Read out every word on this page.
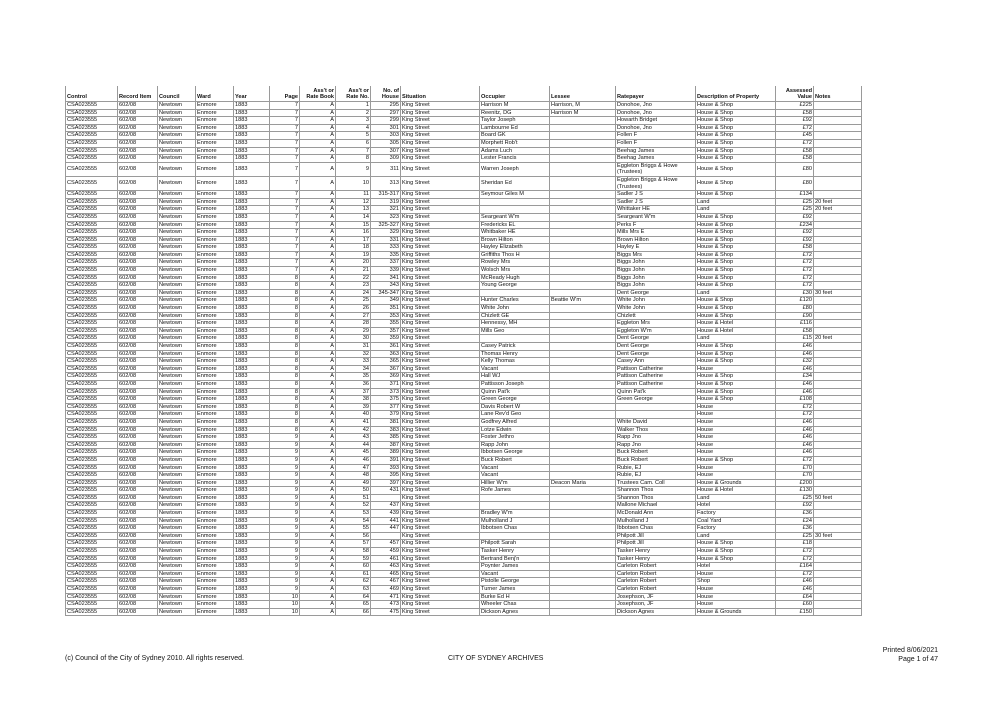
Control	Record Item	Council	Ward	Year	Page	Ass't or Rate Book	Ass't or Rate No.	No. of House	Situation	Occupier	Lessee	Ratepayer	Description of Property	Assessed Value	Notes
CSA023555	602/08	Newtown	Enmore	1883	7	A	1	295	King Street	Harrison M	Harrison, M	Donohoe, Jno	House & Shop	£225	
CSA023555	602/08	Newtown	Enmore	1883	7	A	2	297	King Street	Reenitz, DG	Harrison M	Donohoe, Jno	House & Shop	£58	
CSA023555	602/08	Newtown	Enmore	1883	7	A	3	299	King Street	Taylor Joseph		Howarth Bridget	House & Shop	£92	
CSA023555	602/08	Newtown	Enmore	1883	7	A	4	301	King Street	Lambourne Ed		Donohoe, Jno	House & Shop	£72	
CSA023555	602/08	Newtown	Enmore	1883	7	A	5	303	King Street	Board GK		Follen F	House & Shop	£45	
CSA023555	602/08	Newtown	Enmore	1883	7	A	6	305	King Street	Morphett Rob't		Follen F	House & Shop	£72	
CSA023555	602/08	Newtown	Enmore	1883	7	A	7	307	King Street	Adams Luch		Beehag James	House & Shop	£58	
CSA023555	602/08	Newtown	Enmore	1883	7	A	8	309	King Street	Lester Francis		Beehag James	House & Shop	£58	
CSA023555	602/08	Newtown	Enmore	1883	7	A	9	311	King Street	Warren Joseph		Eggleton Briggs & Howe (Trustees)	House & Shop	£80	
CSA023555	602/08	Newtown	Enmore	1883	7	A	10	313	King Street	Sheridan Ed		Eggleton Briggs & Howe (Trustees)	House & Shop	£80	
CSA023555	602/08	Newtown	Enmore	1883	7	A	11	315-317	King Street	Seymour Giles M		Sadler J S	House & Shop	£134	
CSA023555	602/08	Newtown	Enmore	1883	7	A	12	319	King Street			Sadler J S	Land	£25	20 feet
CSA023555	602/08	Newtown	Enmore	1883	7	A	13	321	King Street			Whittaker HE	Land	£25	20 feet
CSA023555	602/08	Newtown	Enmore	1883	7	A	14	323	King Street	Seargeant W'm		Seargeant W'm	House & Shop	£92	
CSA023555	602/08	Newtown	Enmore	1883	7	A	15	325-327	King Street	Fredericks EL		Perks F	House & Shop	£234	
CSA023555	602/08	Newtown	Enmore	1883	7	A	16	329	King Street	Whitbaker HE		Mills Mrs E	House & Shop	£92	
CSA023555	602/08	Newtown	Enmore	1883	7	A	17	331	King Street	Brown Hilton		Brown Hilton	House & Shop	£92	
CSA023555	602/08	Newtown	Enmore	1883	7	A	18	333	King Street	Hayley Elizabeth		Hayley E	House & Shop	£58	
CSA023555	602/08	Newtown	Enmore	1883	7	A	19	335	King Street	Griffiths Thos H		Biggs Mrs	House & Shop	£72	
CSA023555	602/08	Newtown	Enmore	1883	7	A	20	337	King Street	Rowley Mrs		Biggs John	House & Shop	£72	
CSA023555	602/08	Newtown	Enmore	1883	7	A	21	339	King Street	Wolsch Mrs		Biggs John	House & Shop	£72	
CSA023555	602/08	Newtown	Enmore	1883	8	A	22	341	King Street	McReady Hugh		Biggs John	House & Shop	£72	
CSA023555	602/08	Newtown	Enmore	1883	8	A	23	343	King Street	Young George		Biggs John	House & Shop	£72	
CSA023555	602/08	Newtown	Enmore	1883	8	A	24	345-347	King Street			Dent George	Land	£30	30 feet
CSA023555	602/08	Newtown	Enmore	1883	8	A	25	349	King Street	Hunter Charles	Beattie W'm	White John	House & Shop	£120	
CSA023555	602/08	Newtown	Enmore	1883	8	A	26	351	King Street	White John		White John	House & Shop	£80	
CSA023555	602/08	Newtown	Enmore	1883	8	A	27	353	King Street	Chizlett GE		Chizlett	House & Shop	£90	
CSA023555	602/08	Newtown	Enmore	1883	8	A	28	355	King Street	Hennessy, MH		Eggleton Mrs	House & Hotel	£116	
CSA023555	602/08	Newtown	Enmore	1883	8	A	29	357	King Street	Mills Geo		Eggleton W'm	House & Hotel	£58	
CSA023555	602/08	Newtown	Enmore	1883	8	A	30	359	King Street			Dent George	Land	£15	20 feet
CSA023555	602/08	Newtown	Enmore	1883	8	A	31	361	King Street	Casey Patrick		Dent George	House & Shop	£46	
CSA023555	602/08	Newtown	Enmore	1883	8	A	32	363	King Street	Thomas Henry		Dent George	House & Shop	£46	
CSA023555	602/08	Newtown	Enmore	1883	8	A	33	365	King Street	Kelly Thomas		Casey Ann	House & Shop	£32	
CSA023555	602/08	Newtown	Enmore	1883	8	A	34	367	King Street	Vacant		Pattison Catherine	House	£46	
CSA023555	602/08	Newtown	Enmore	1883	8	A	35	369	King Street	Hall WJ		Pattison Catherine	House & Shop	£34	
CSA023555	602/08	Newtown	Enmore	1883	8	A	36	371	King Street	Pattisson Joseph		Pattison Catherine	House & Shop	£46	
CSA023555	602/08	Newtown	Enmore	1883	8	A	37	373	King Street	Quinn Pat'k		Quinn Pat'k	House & Shop	£46	
CSA023555	602/08	Newtown	Enmore	1883	8	A	38	375	King Street	Green George		Green George	House & Shop	£108	
CSA023555	602/08	Newtown	Enmore	1883	8	A	39	377	King Street	Davis Robert W			House	£72	
CSA023555	602/08	Newtown	Enmore	1883	8	A	40	379	King Street	Lane Rev'd Geo			House	£72	
CSA023555	602/08	Newtown	Enmore	1883	8	A	41	381	King Street	Godfrey Alfred		White David	House	£46	
CSA023555	602/08	Newtown	Enmore	1883	8	A	42	383	King Street	Lotze Edwin		Walker Thos	House	£46	
CSA023555	602/08	Newtown	Enmore	1883	9	A	43	385	King Street	Foster Jethro		Rapp Jno	House	£46	
CSA023555	602/08	Newtown	Enmore	1883	9	A	44	387	King Street	Rapp John		Rapp Jno	House	£46	
CSA023555	602/08	Newtown	Enmore	1883	9	A	45	389	King Street	Ibbotsen George		Buck Robert	House	£46	
CSA023555	602/08	Newtown	Enmore	1883	9	A	46	391	King Street	Buck Robert		Buck Robert	House & Shop	£72	
CSA023555	602/08	Newtown	Enmore	1883	9	A	47	393	King Street	Vacant		Rubie, EJ	House	£70	
CSA023555	602/08	Newtown	Enmore	1883	9	A	48	395	King Street	Vacant		Rubie, EJ	House	£70	
CSA023555	602/08	Newtown	Enmore	1883	9	A	49	397	King Street	Hillier W'm	Deacon Maria	Trustees Cam. Coll	House & Grounds	£200	
CSA023555	602/08	Newtown	Enmore	1883	9	A	50	431	King Street	Rofe James		Shannon Thos	House & Hotel	£130	
CSA023555	602/08	Newtown	Enmore	1883	9	A	51		King Street			Shannon Thos	Land	£25	50 feet
CSA023555	602/08	Newtown	Enmore	1883	9	A	52	437	King Street			Mallone Michael	Hotel	£92	
CSA023555	602/08	Newtown	Enmore	1883	9	A	53	439	King Street	Bradley W'm		McDonald Ann	Factory	£36	
CSA023555	602/08	Newtown	Enmore	1883	9	A	54	441	King Street	Mulholland J		Mulholland J	Coal Yard	£24	
CSA023555	602/08	Newtown	Enmore	1883	9	A	55	447	King Street	Ibbotsen Chas		Ibbotsen Chas	Factory	£36	
CSA023555	602/08	Newtown	Enmore	1883	9	A	56		King Street			Philpott Jill	Land	£25	30 feet
CSA023555	602/08	Newtown	Enmore	1883	9	A	57	457	King Street	Philpott Sarah		Philpott Jill	House & Shop	£18	
CSA023555	602/08	Newtown	Enmore	1883	9	A	58	459	King Street	Tasker Henry		Tasker Henry	House & Shop	£72	
CSA023555	602/08	Newtown	Enmore	1883	9	A	59	461	King Street	Bertrand Benj'n		Tasker Henry	House & Shop	£72	
CSA023555	602/08	Newtown	Enmore	1883	9	A	60	463	King Street	Poynter James		Carleton Robert	Hotel	£164	
CSA023555	602/08	Newtown	Enmore	1883	9	A	61	465	King Street	Vacant		Carleton Robert	House	£72	
CSA023555	602/08	Newtown	Enmore	1883	9	A	62	467	King Street	Pistolle George		Carleton Robert	Shop	£46	
CSA023555	602/08	Newtown	Enmore	1883	9	A	63	469	King Street	Turner James		Carleton Robert	House	£46	
CSA023555	602/08	Newtown	Enmore	1883	10	A	64	471	King Street	Burke Ed H		Josephson, JF	House	£64	
CSA023555	602/08	Newtown	Enmore	1883	10	A	65	473	King Street	Wheeler Chas		Josephson, JF	House	£60	
CSA023555	602/08	Newtown	Enmore	1883	10	A	66	475	King Street	Dickson Agnes		Dickson Agnes	House & Grounds	£150	
(c) Council of the City of Sydney 2010. All rights reserved.	CITY OF SYDNEY ARCHIVES
Printed 8/06/2021
Page 1 of 47
